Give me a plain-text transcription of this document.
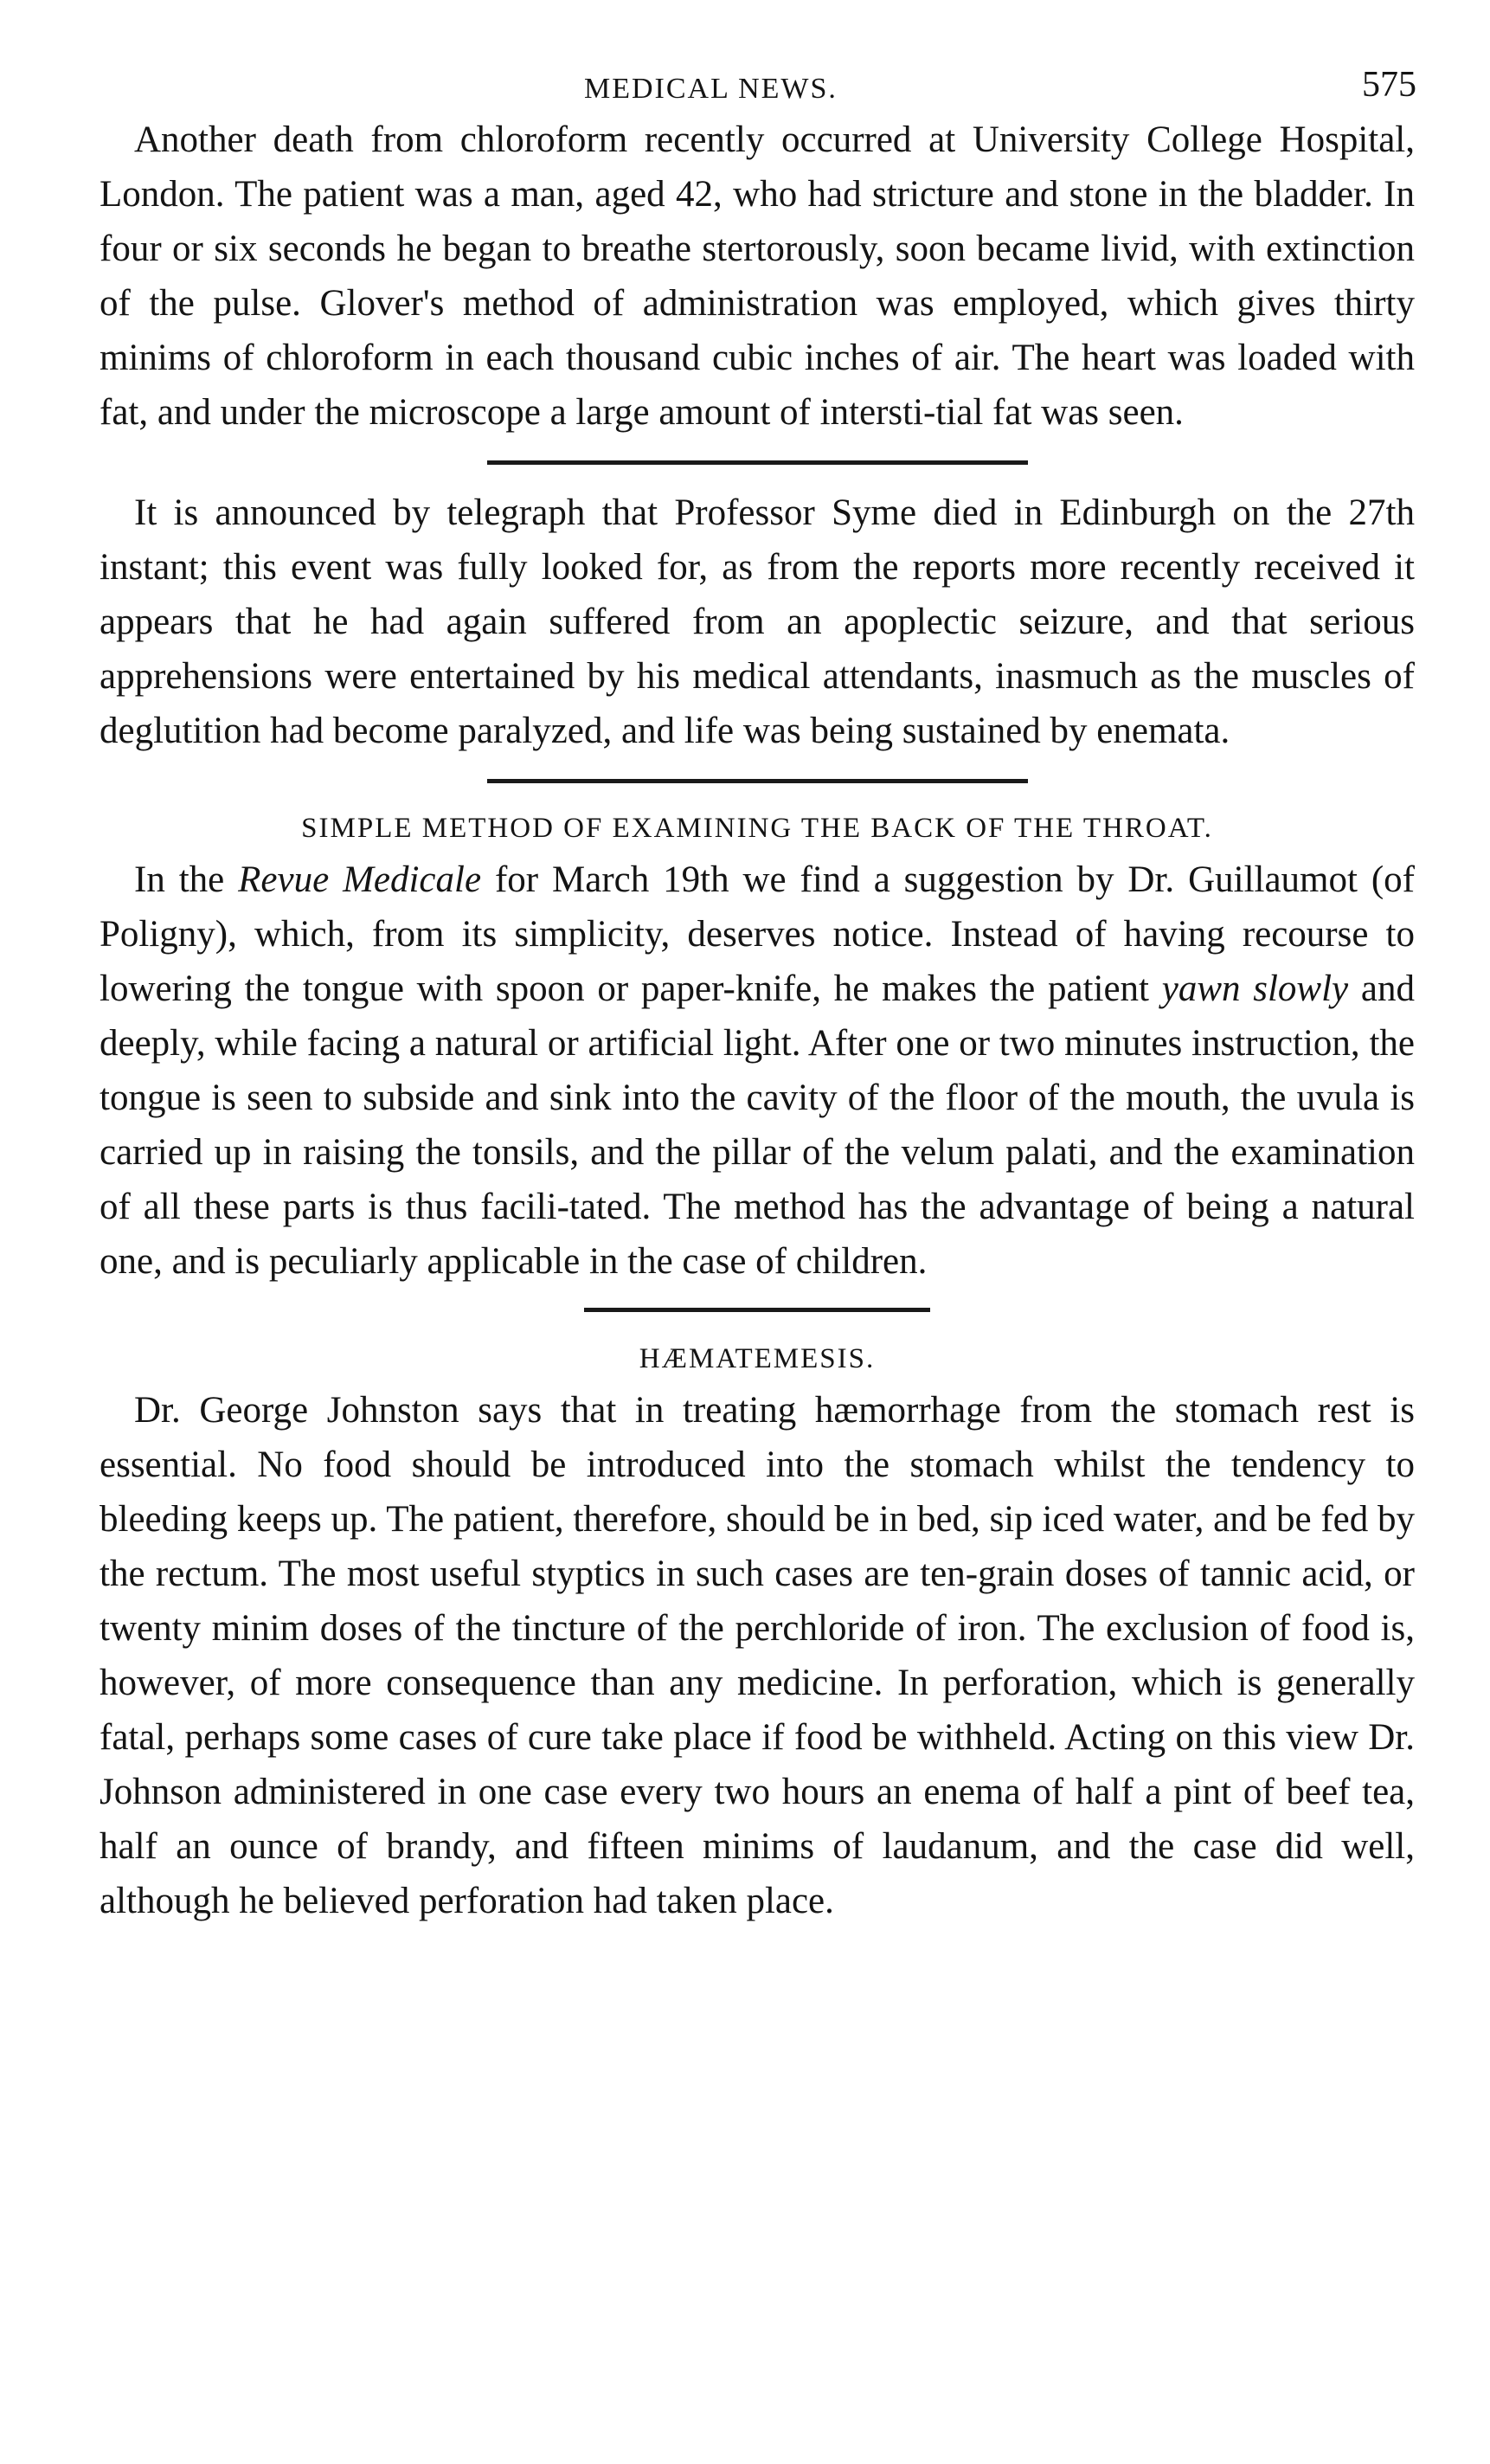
MEDICAL NEWS.	575

Another death from chloroform recently occurred at University College Hospital, London. The patient was a man, aged 42, who had stricture and stone in the bladder. In four or six seconds he began to breathe stertorously, soon became livid, with extinction of the pulse. Glover's method of administration was employed, which gives thirty minims of chloroform in each thousand cubic inches of air. The heart was loaded with fat, and under the microscope a large amount of intersti-tial fat was seen.

It is announced by telegraph that Professor Syme died in Edinburgh on the 27th instant; this event was fully looked for, as from the reports more recently received it appears that he had again suffered from an apoplectic seizure, and that serious apprehensions were entertained by his medical attendants, inasmuch as the muscles of deglutition had become paralyzed, and life was being sustained by enemata.

SIMPLE METHOD OF EXAMINING THE BACK OF THE THROAT.

In the Revue Medicale for March 19th we find a suggestion by Dr. Guillaumot (of Poligny), which, from its simplicity, deserves notice. Instead of having recourse to lowering the tongue with spoon or paper-knife, he makes the patient yawn slowly and deeply, while facing a natural or artificial light. After one or two minutes instruction, the tongue is seen to subside and sink into the cavity of the floor of the mouth, the uvula is carried up in raising the tonsils, and the pillar of the velum palati, and the examination of all these parts is thus facili-tated. The method has the advantage of being a natural one, and is peculiarly applicable in the case of children.

HÆMATEMESIS.

Dr. George Johnston says that in treating hæmorrhage from the stomach rest is essential. No food should be introduced into the stomach whilst the tendency to bleeding keeps up. The patient, therefore, should be in bed, sip iced water, and be fed by the rectum. The most useful styptics in such cases are ten-grain doses of tannic acid, or twenty minim doses of the tincture of the perchloride of iron. The exclusion of food is, however, of more consequence than any medicine. In perforation, which is generally fatal, perhaps some cases of cure take place if food be withheld. Acting on this view Dr. Johnson administered in one case every two hours an enema of half a pint of beef tea, half an ounce of brandy, and fifteen minims of laudanum, and the case did well, although he believed perforation had taken place.
